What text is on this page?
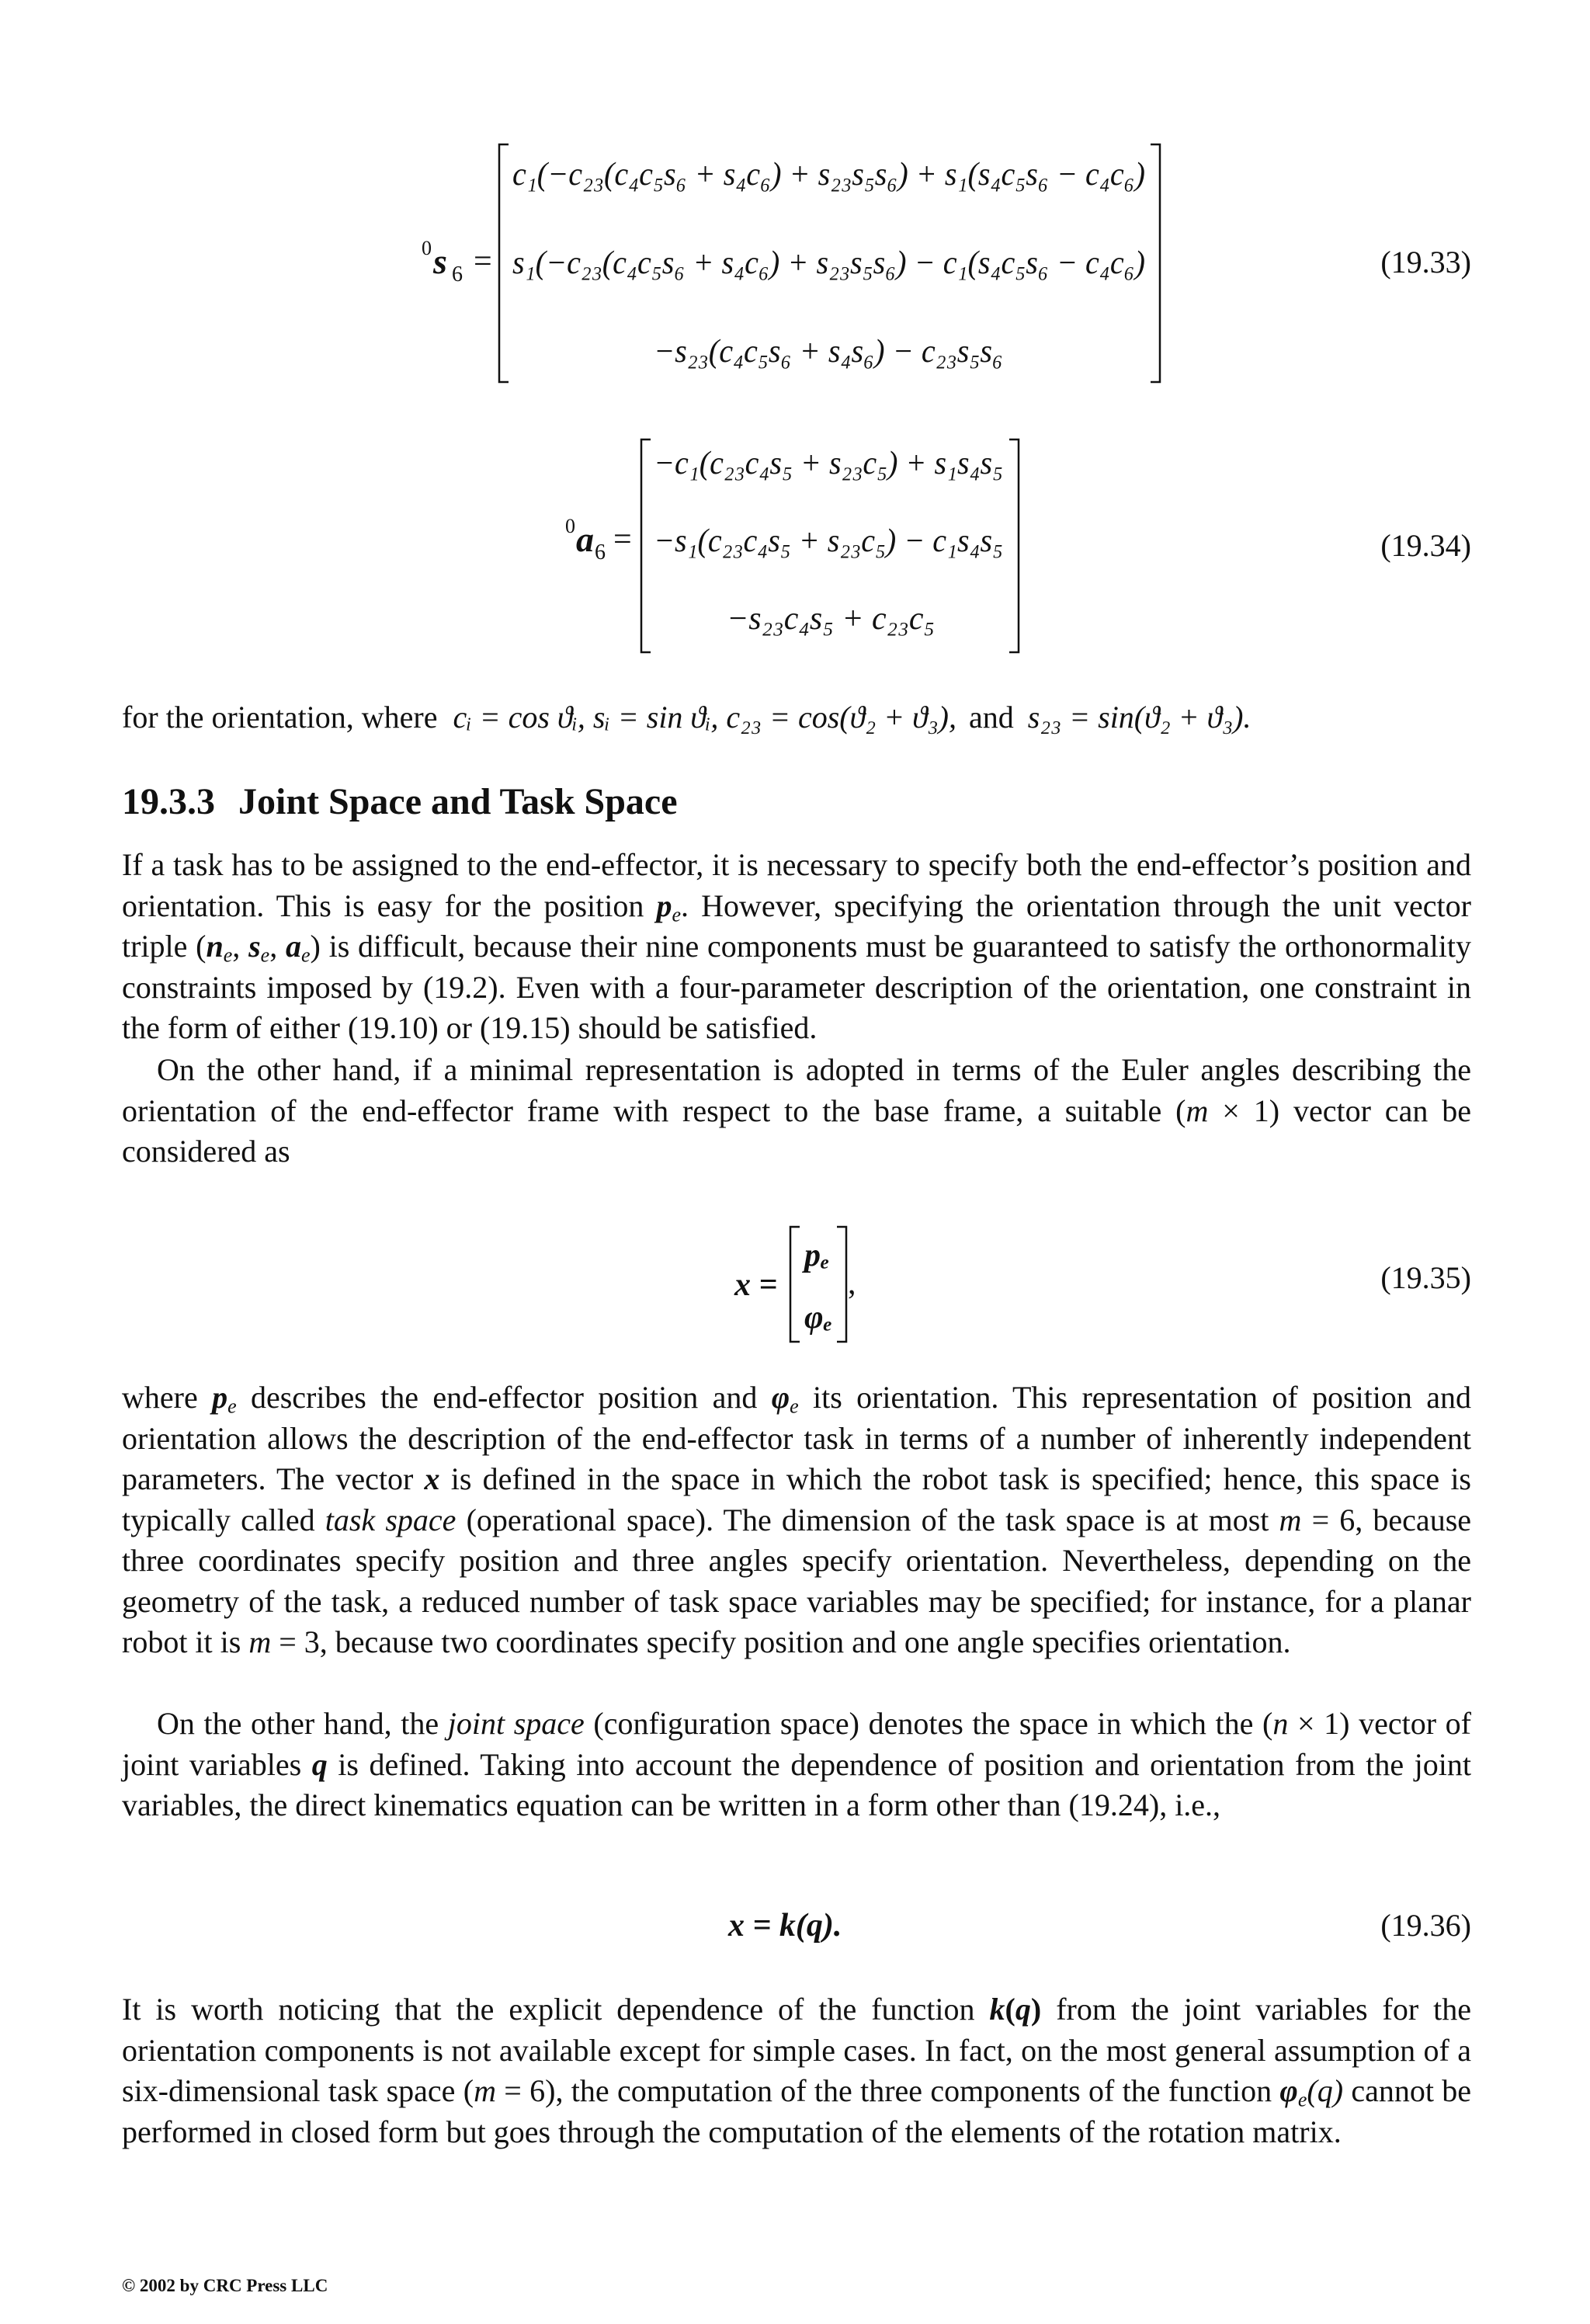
0 s 6 =
c₁(−c₂₃(c₄c₅s₆ + s₄c₆) + s₂₃s₅s₆) + s₁(s₄c₅s₆ − c₄c₆)
s₁(−c₂₃(c₄c₅s₆ + s₄c₆) + s₂₃s₅s₆) − c₁(s₄c₅s₆ − c₄c₆)
−s₂₃(c₄c₅s₆ + s₄s₆) − c₂₃s₅s₆
(19.33)
0 a 6 =
−c₁(c₂₃c₄s₅ + s₂₃c₅) + s₁s₄s₅
−s₁(c₂₃c₄s₅ + s₂₃c₅) − c₁s₄s₅
−s₂₃c₄s₅ + c₂₃c₅
(19.34)
for the orientation, where cᵢ = cos ϑᵢ, sᵢ = sin ϑᵢ, c₂₃ = cos(ϑ₂ + ϑ₃), and s₂₃ = sin(ϑ₂ + ϑ₃).
19.3.3 Joint Space and Task Space

If a task has to be assigned to the end-effector, it is necessary to specify both the end-effector’s position and orientation. This is easy for the position $p_e$. However, specifying the orientation through the unit vector triple ($n_e$, $s_e$, $a_e$) is difficult, because their nine components must be guaranteed to satisfy the orthonormality constraints imposed by (19.2). Even with a four-parameter description of the orientation, one constraint in the form of either (19.10) or (19.15) should be satisfied.

On the other hand, if a minimal representation is adopted in terms of the Euler angles describing the orientation of the end-effector frame with respect to the base frame, a suitable (m × 1) vector can be considered as

x =
pₑ
φₑ
,	(19.35)

where $p_e$ describes the end-effector position and $\varphi_e$ its orientation. This representation of position and orientation allows the description of the end-effector task in terms of a number of inherently independent parameters. The vector x is defined in the space in which the robot task is specified; hence, this space is typically called task space (operational space). The dimension of the task space is at most m = 6, because three coordinates specify position and three angles specify orientation. Nevertheless, depending on the geometry of the task, a reduced number of task space variables may be specified; for instance, for a planar robot it is m = 3, because two coordinates specify position and one angle specifies orientation.

On the other hand, the joint space (configuration space) denotes the space in which the (n × 1) vector of joint variables q is defined. Taking into account the dependence of position and orientation from the joint variables, the direct kinematics equation can be written in a form other than (19.24), i.e.,

x = k(q).	(19.36)

It is worth noticing that the explicit dependence of the function k(q) from the joint variables for the orientation components is not available except for simple cases. In fact, on the most general assumption of a six-dimensional task space (m = 6), the computation of the three components of the function $\varphi_e(q)$ cannot be performed in closed form but goes through the computation of the elements of the rotation matrix.

© 2002 by CRC Press LLC
